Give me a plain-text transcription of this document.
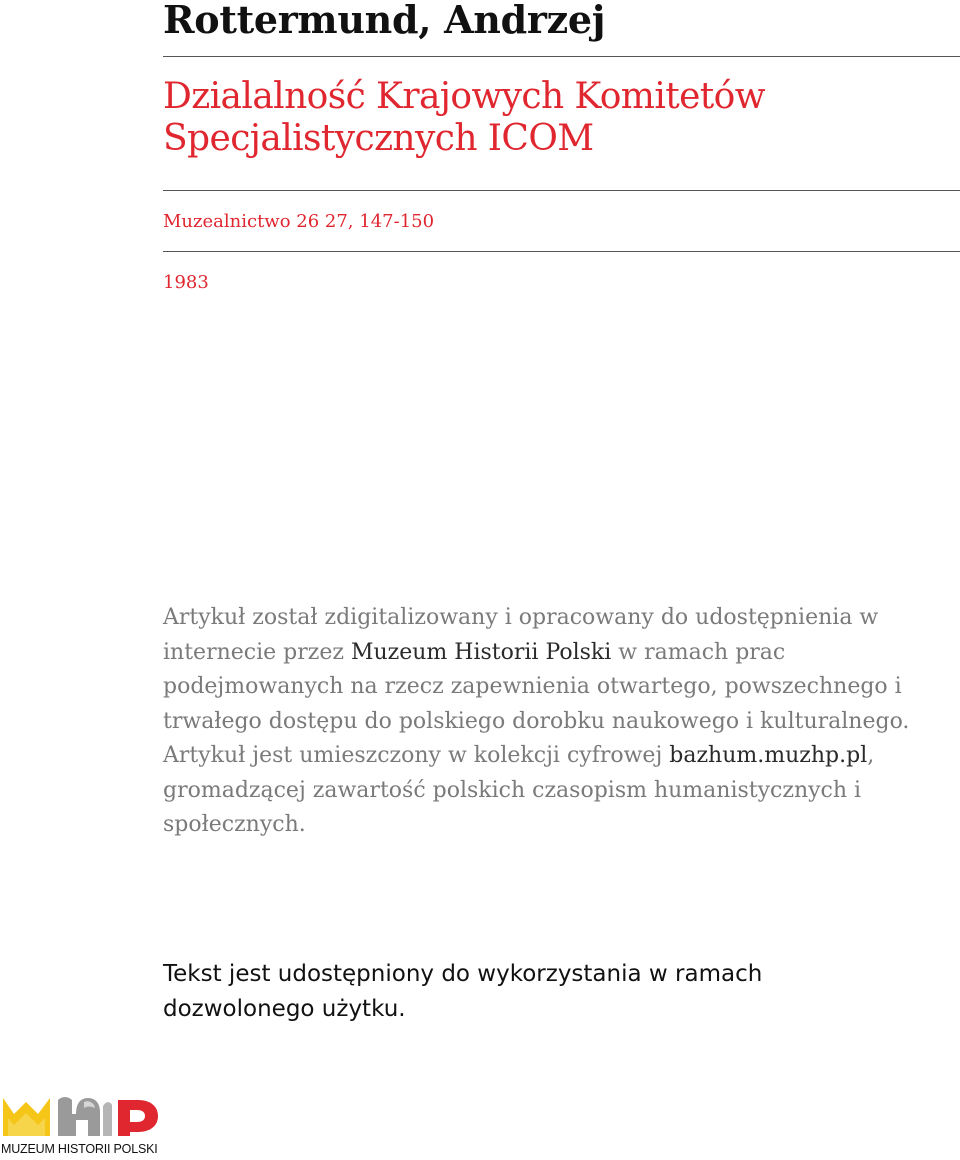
Rottermund, Andrzej
Dzialalność Krajowych Komitetów
Specjalistycznych ICOM

Muzealnictwo 26 27, 147-150

1983

Artykuł został zdigitalizowany i opracowany do udostępnienia w internecie przez Muzeum Historii Polski w ramach prac podejmowanych na rzecz zapewnienia otwartego, powszechnego i trwałego dostępu do polskiego dorobku naukowego i kulturalnego. Artykuł jest umieszczony w kolekcji cyfrowej bazhum.muzhp.pl, gromadzącej zawartość polskich czasopism humanistycznych i społecznych.

Tekst jest udostępniony do wykorzystania w ramach dozwolonego użytku.

MUZEUM HISTORII POLSKI
